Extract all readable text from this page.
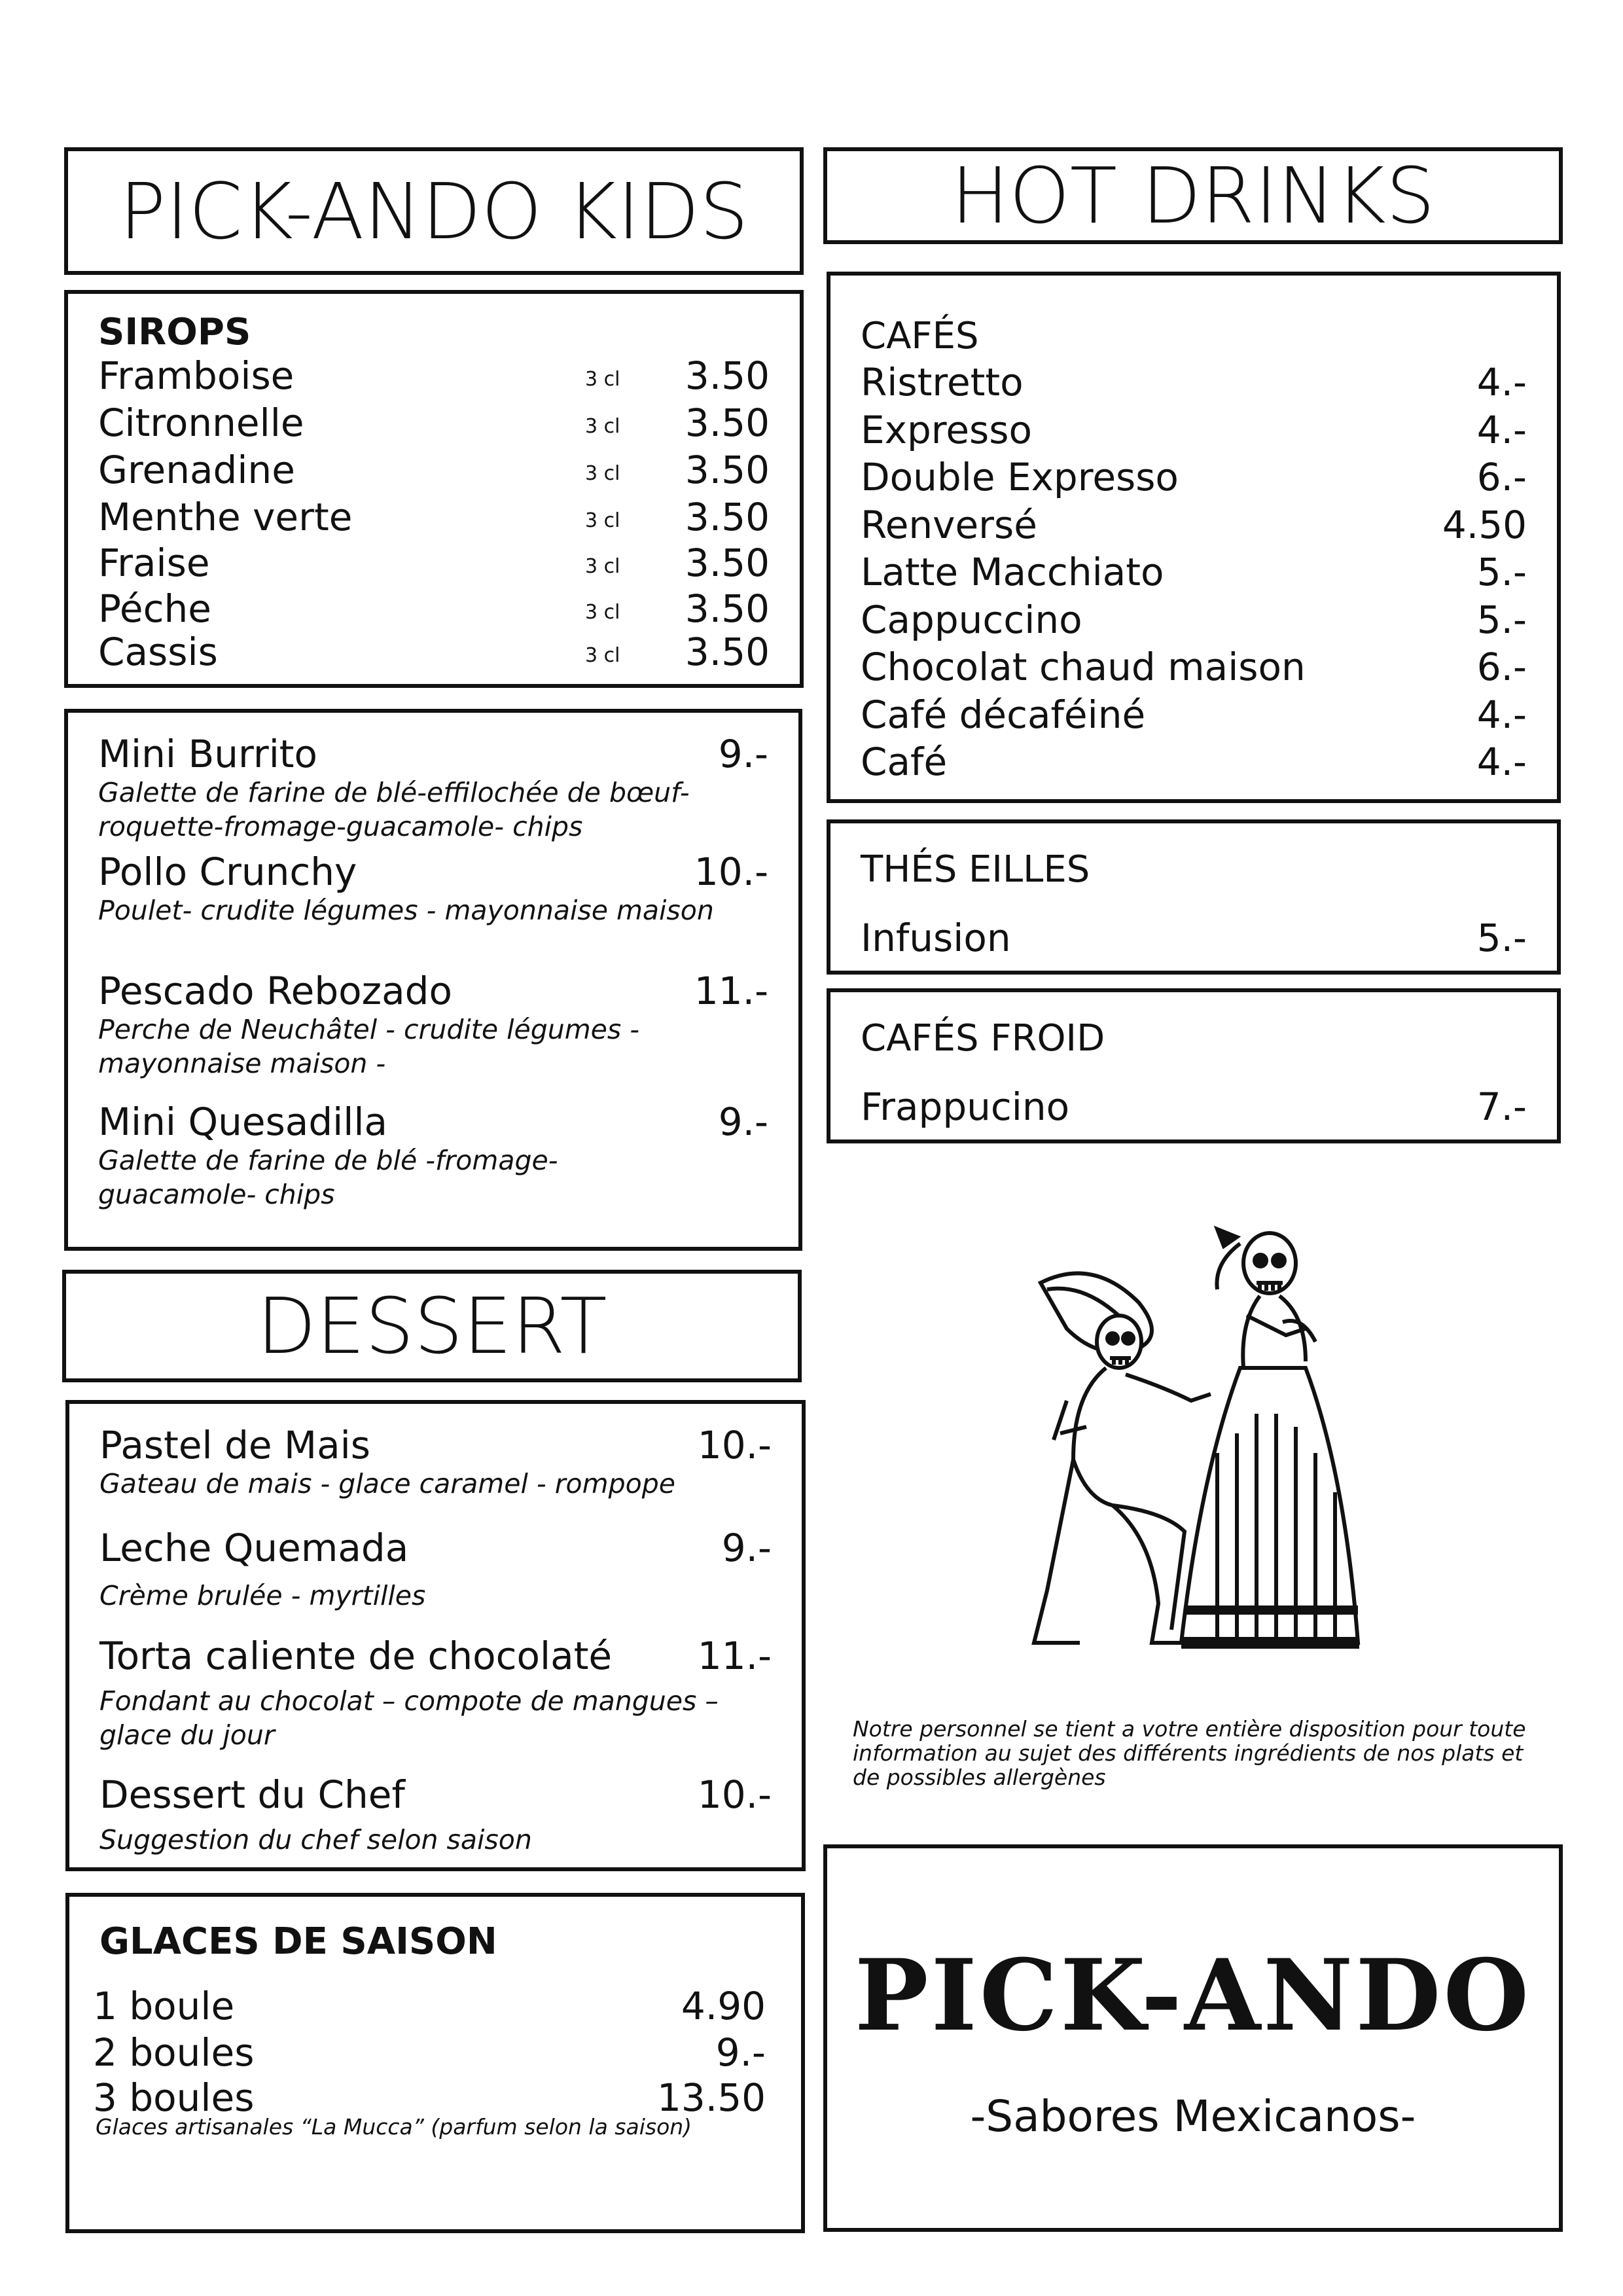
PICK-ANDO KIDS
SIROPS
Framboise	3 cl 3.50
Citronnelle	3 cl 3.50
Grenadine	3 cl 3.50
Menthe verte	3 cl 3.50
Fraise	3 cl 3.50
Péche	3 cl 3.50
Cassis	3 cl 3.50
Mini Burrito	9.-
Galette de farine de blé-effilochée de bœuf- roquette-fromage-guacamole- chips
Pollo Crunchy	10.-
Poulet- crudite légumes - mayonnaise maison
Pescado Rebozado	11.-
Perche de Neuchâtel - crudite légumes - mayonnaise maison -
Mini Quesadilla	9.-
Galette de farine de blé -fromage- guacamole- chips
DESSERT
Pastel de Mais	10.-
Gateau de mais - glace caramel - rompope
Leche Quemada	9.-
Crème brulée - myrtilles
Torta caliente de chocolaté 11.-
Fondant au chocolat – compote de mangues – glace du jour
Dessert du Chef	10.-
Suggestion du chef selon saison
GLACES DE SAISON
1 boule	4.90
2 boules	9.-
3 boules	13.50
Glaces artisanales “La Mucca” (parfum selon la saison)
HOT DRINKS
CAFÉS
Ristretto	4.-
Expresso	4.-
Double Expresso	6.-
Renversé	4.50
Latte Macchiato	5.-
Cappuccino	5.-
Chocolat chaud maison	6.-
Café décaféiné	4.-
Café	4.-
THÉS EILLES
Infusion	5.-
CAFÉS FROID
Frappucino	7.-
Notre personnel se tient a votre entière disposition pour toute information au sujet des différents ingrédients de nos plats et de possibles allergènes
PICK-ANDO
-Sabores Mexicanos-
